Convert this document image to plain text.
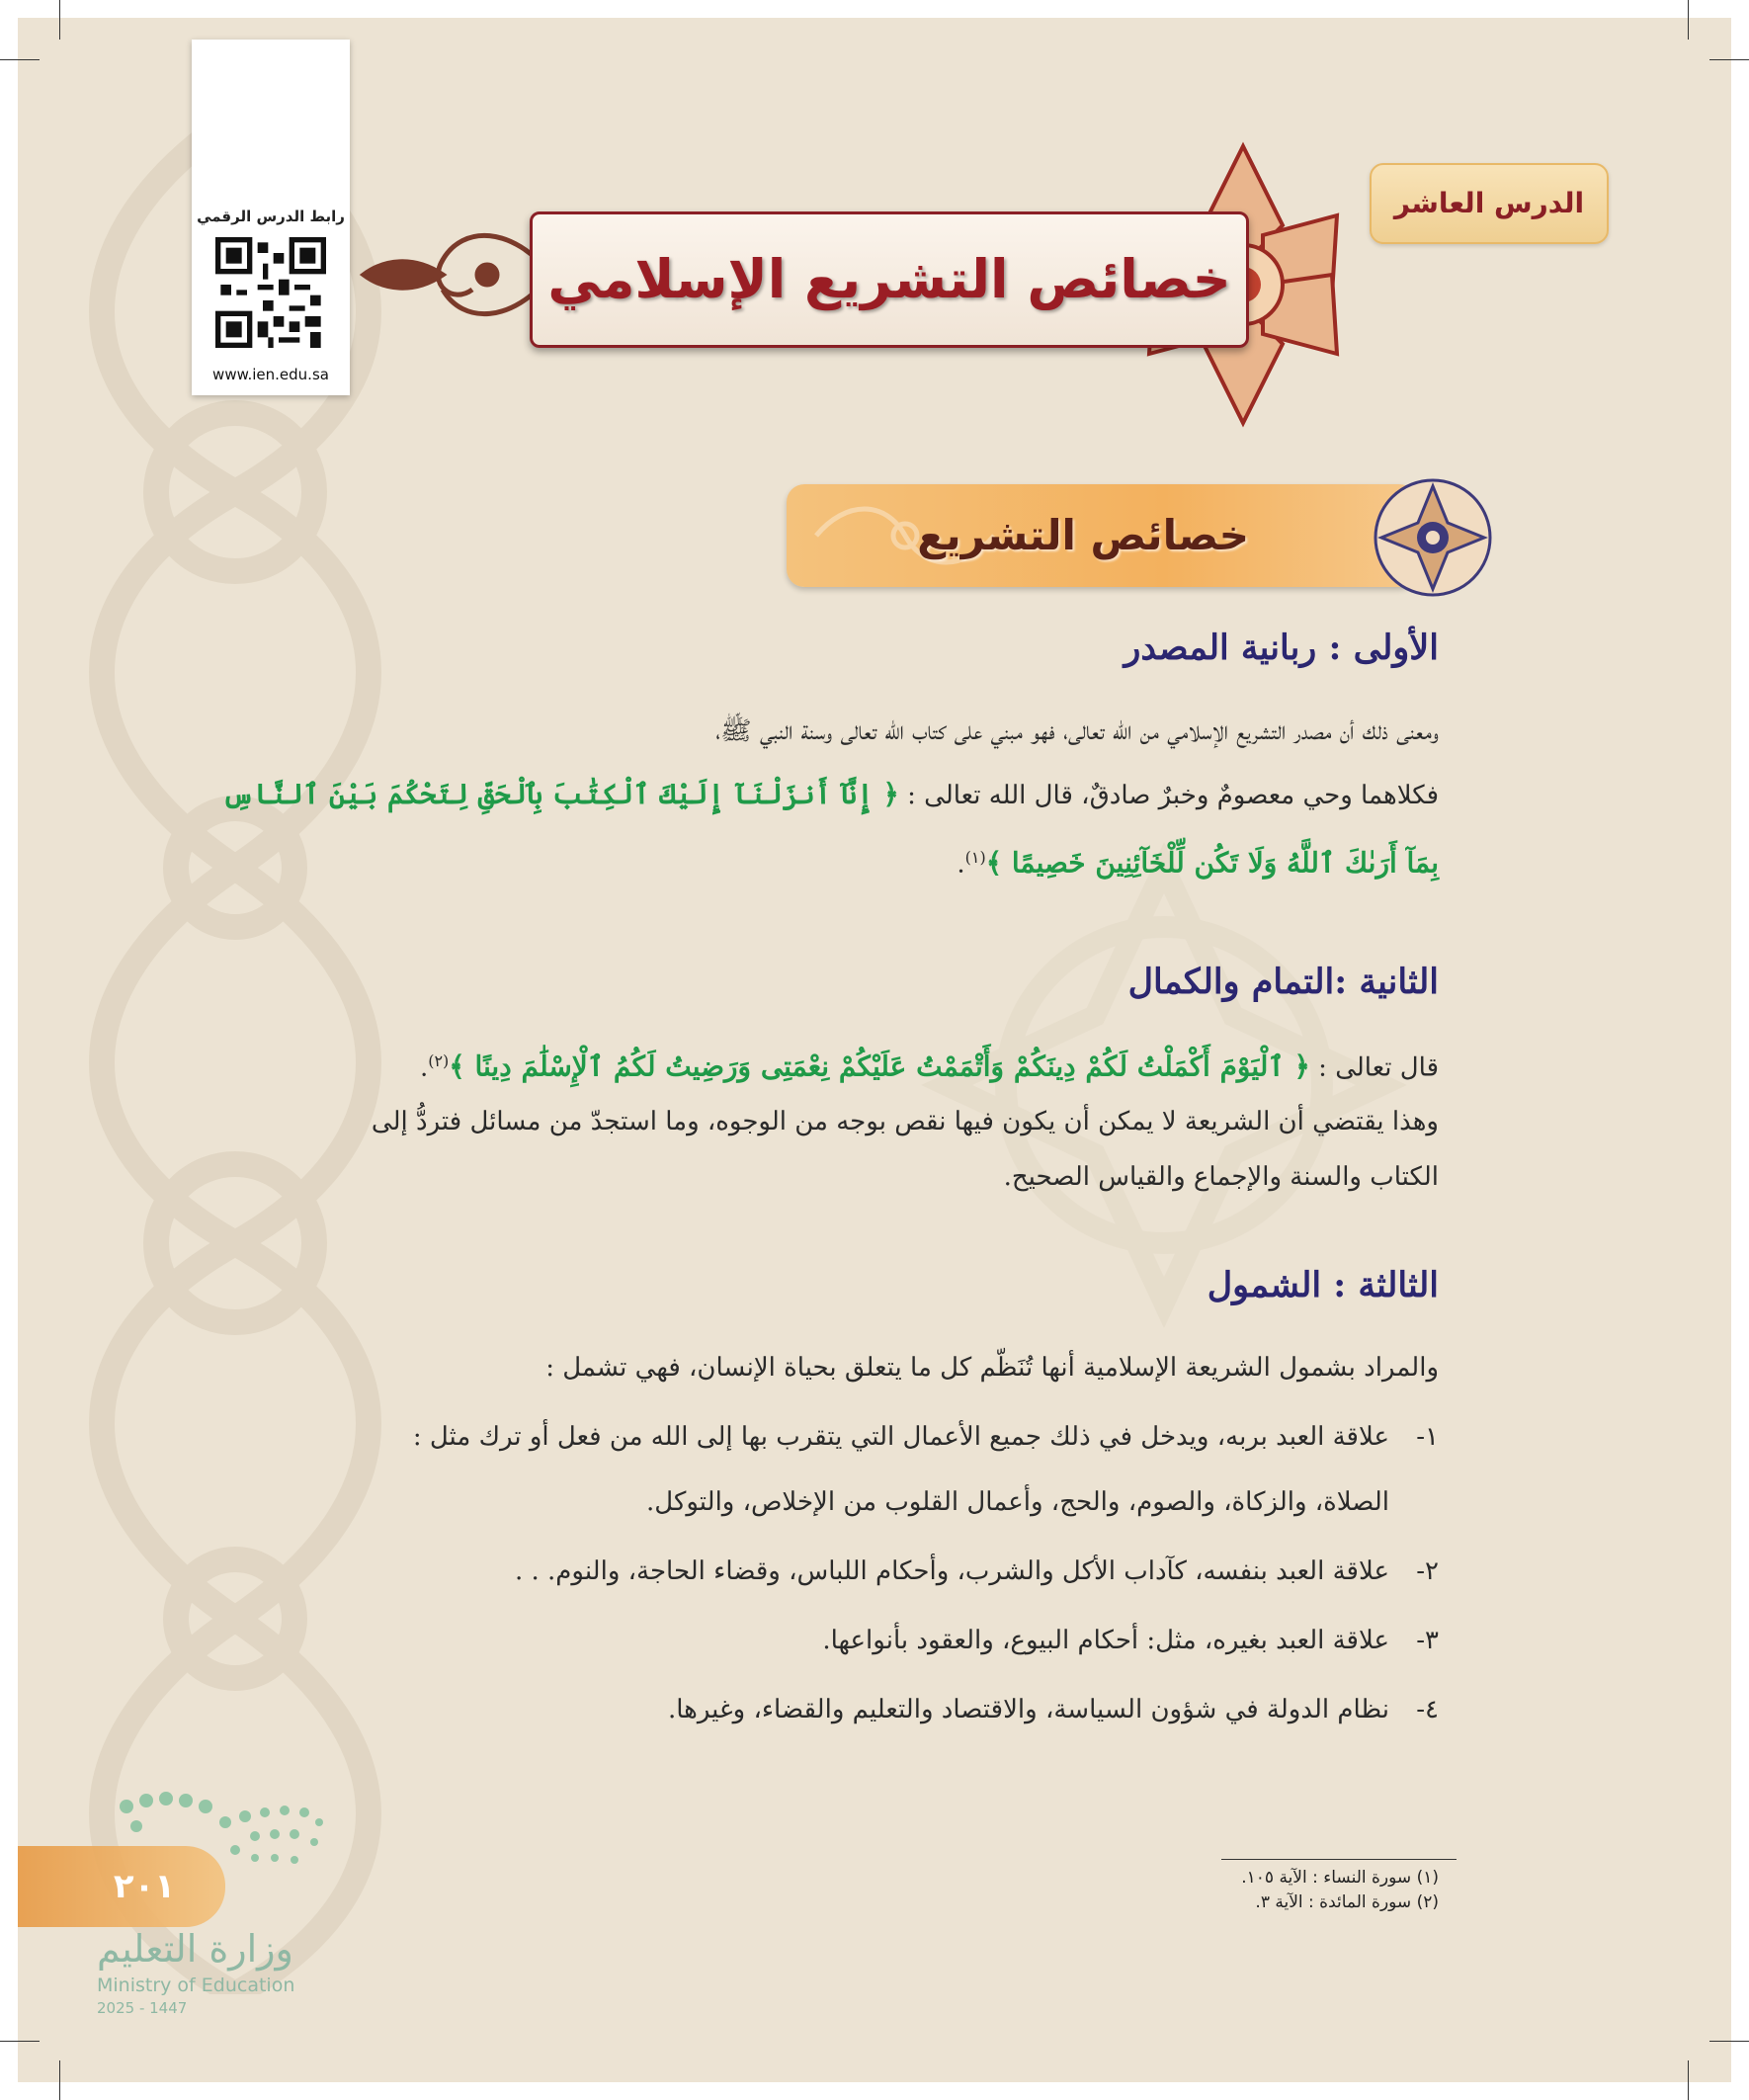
رابط الدرس الرقمي
www.ien.edu.sa
الدرس العاشر
خصائص التشريع الإسلامي
خصائص التشريع
الأولى : ربانية المصدر
ومعنى ذلك أن مصدر التشريع الإسلامي من الله تعالى، فهو مبني على كتاب الله تعالى وسنة النبي ﷺ،
فكلاهما وحي معصومٌ وخبرٌ صادقٌ، قال الله تعالى : ﴿ إِنَّآ أَنزَلْنَآ إِلَيْكَ ٱلْكِتَٰبَ بِٱلْحَقِّ لِتَحْكُمَ بَيْنَ ٱلنَّاسِ
بِمَآ أَرَىٰكَ ٱللَّهُ وَلَا تَكُن لِّلْخَآئِنِينَ خَصِيمًا ﴾$^{(١)}$.
الثانية :التمام والكمال
قال تعالى : ﴿ ٱلْيَوْمَ أَكْمَلْتُ لَكُمْ دِينَكُمْ وَأَتْمَمْتُ عَلَيْكُمْ نِعْمَتِى وَرَضِيتُ لَكُمُ ٱلْإِسْلَٰمَ دِينًا ﴾$^{(٢)}$.
وهذا يقتضي أن الشريعة لا يمكن أن يكون فيها نقص بوجه من الوجوه، وما استجدّ من مسائل فتردُّ إلى
الكتاب والسنة والإجماع والقياس الصحيح.
الثالثة : الشمول
والمراد بشمول الشريعة الإسلامية أنها تُنَظّم كل ما يتعلق بحياة الإنسان، فهي تشمل :
١-علاقة العبد بربه، ويدخل في ذلك جميع الأعمال التي يتقرب بها إلى الله من فعل أو ترك مثل :
الصلاة، والزكاة، والصوم، والحج، وأعمال القلوب من الإخلاص، والتوكل.
٢-علاقة العبد بنفسه، كآداب الأكل والشرب، وأحكام اللباس، وقضاء الحاجة، والنوم. . .
٣-علاقة العبد بغيره، مثل: أحكام البيوع، والعقود بأنواعها.
٤-نظام الدولة في شؤون السياسة، والاقتصاد والتعليم والقضاء، وغيرها.
(١) سورة النساء : الآية ١٠٥.
(٢) سورة المائدة : الآية ٣.
٢٠١
وزارة التعليم
Ministry of Education
2025 - 1447
